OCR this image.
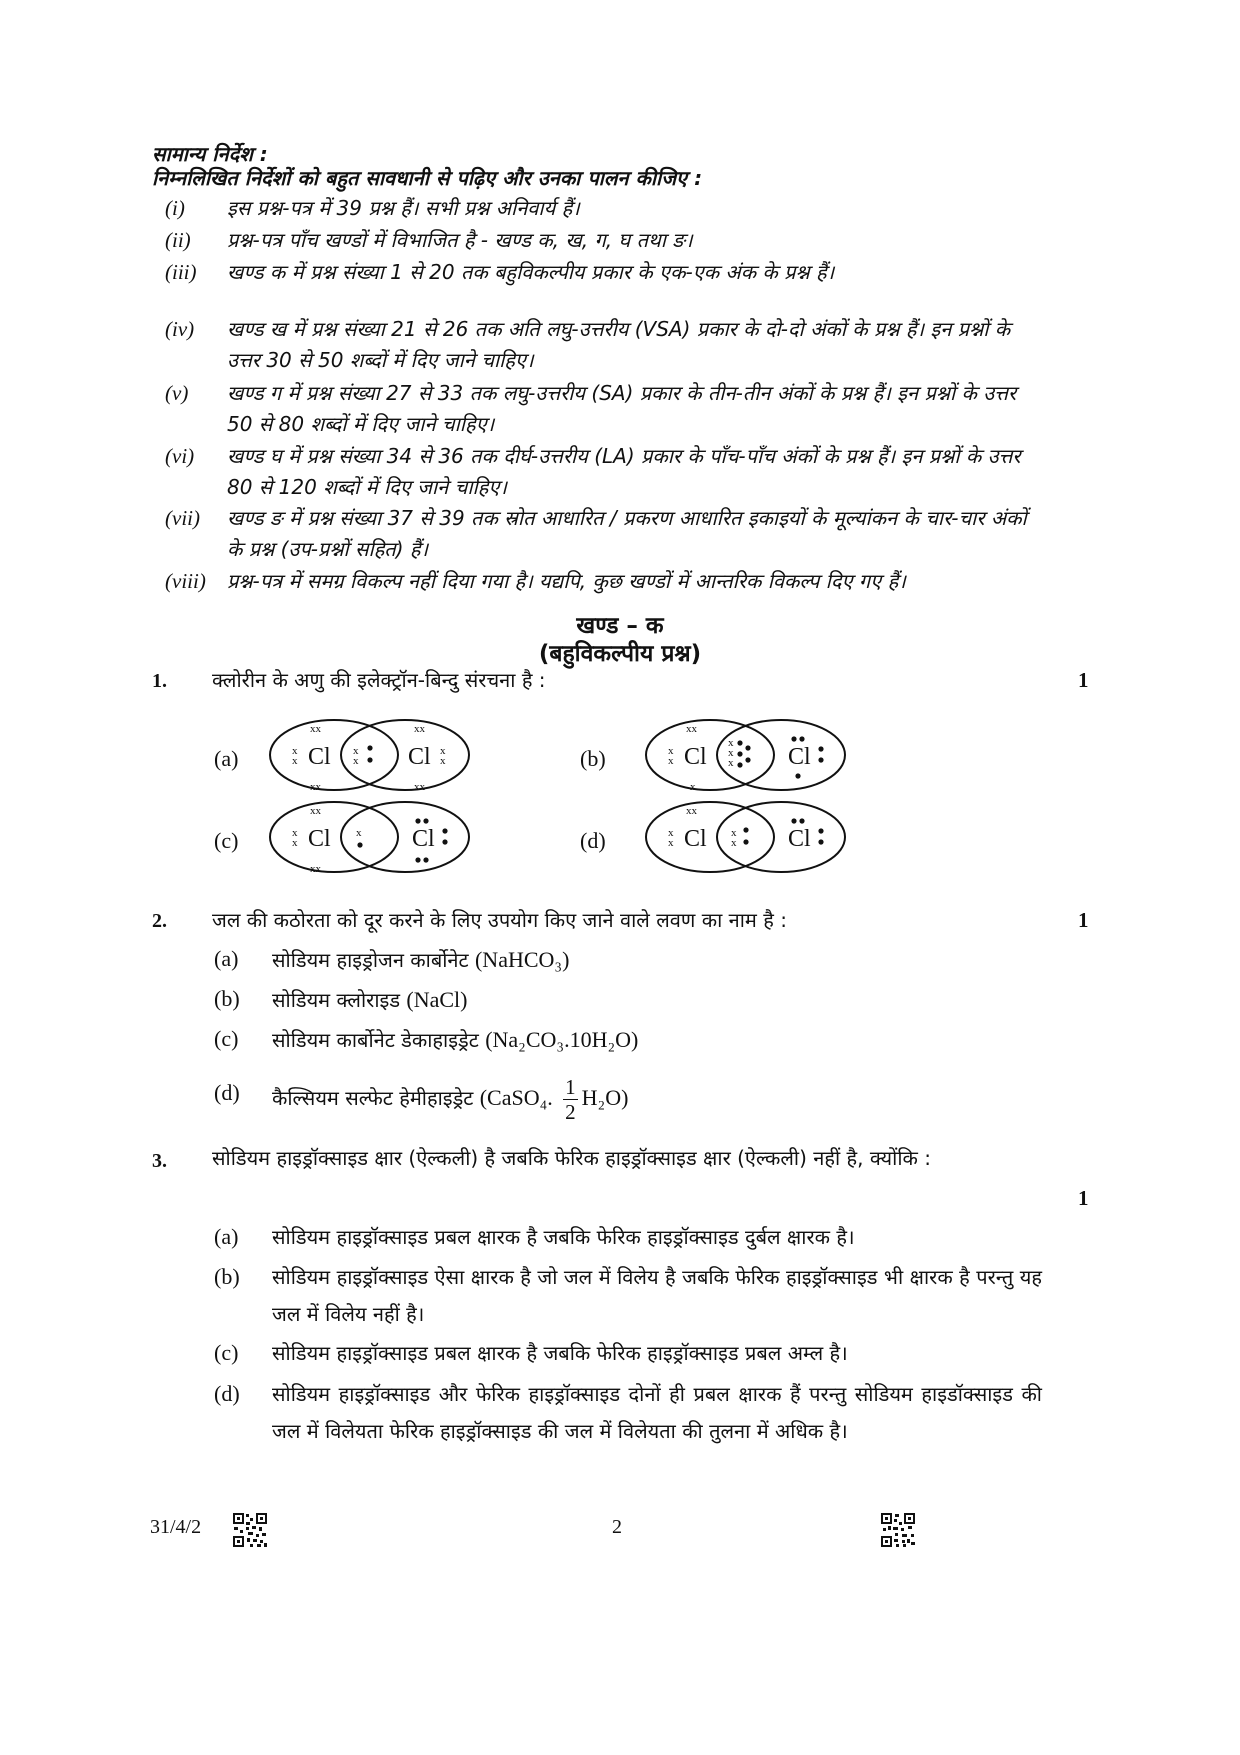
सामान्य निर्देश :
निम्नलिखित निर्देशों को बहुत सावधानी से पढ़िए और उनका पालन कीजिए :
(i)	इस प्रश्न-पत्र में 39 प्रश्न हैं। सभी प्रश्न अनिवार्य हैं।
(ii)	प्रश्न-पत्र पाँच खण्डों में विभाजित है - खण्ड क, ख, ग, घ तथा ङ।
(iii)	खण्ड क में प्रश्न संख्या 1 से 20 तक बहुविकल्पीय प्रकार के एक-एक अंक के प्रश्न हैं।
(iv)	खण्ड ख में प्रश्न संख्या 21 से 26 तक अति लघु-उत्तरीय (VSA) प्रकार के दो-दो अंकों के प्रश्न हैं। इन प्रश्नों के उत्तर 30 से 50 शब्दों में दिए जाने चाहिए।
(v)	खण्ड ग में प्रश्न संख्या 27 से 33 तक लघु-उत्तरीय (SA) प्रकार के तीन-तीन अंकों के प्रश्न हैं। इन प्रश्नों के उत्तर 50 से 80 शब्दों में दिए जाने चाहिए।
(vi)	खण्ड घ में प्रश्न संख्या 34 से 36 तक दीर्घ-उत्तरीय (LA) प्रकार के पाँच-पाँच अंकों के प्रश्न हैं। इन प्रश्नों के उत्तर 80 से 120 शब्दों में दिए जाने चाहिए।
(vii)	खण्ड ङ में प्रश्न संख्या 37 से 39 तक स्रोत आधारित / प्रकरण आधारित इकाइयों के मूल्यांकन के चार-चार अंकों के प्रश्न (उप-प्रश्नों सहित) हैं।
(viii)	प्रश्न-पत्र में समग्र विकल्प नहीं दिया गया है। यद्यपि, कुछ खण्डों में आन्तरिक विकल्प दिए गए हैं।
खण्ड – क
(बहुविकल्पीय प्रश्न)
1. क्लोरीन के अणु की इलेक्ट्रॉन-बिन्दु संरचना है :	1
(a)	(b)
(c)	(d)
Cl	Cl
xx
xx
x
x
x
x
xx
xx
x
x	Cl	Cl
xx
x
x
x
x
x
x
Cl	Cl
xx
xx
x
x
x	Cl	Cl
xx
x
x
x
x
2. जल की कठोरता को दूर करने के लिए उपयोग किए जाने वाले लवण का नाम है :	1
(a) सोडियम हाइड्रोजन कार्बोनेट (NaHCO₃)
(b) सोडियम क्लोराइड (NaCl)
(c) सोडियम कार्बोनेट डेकाहाइड्रेट (Na₂CO₃.10H₂O)
(d) कैल्सियम सल्फेट हेमीहाइड्रेट (CaSO₄. $\frac{1}{2} H_2O$)
3. सोडियम हाइड्रॉक्साइड क्षार (ऐल्कली) है जबकि फेरिक हाइड्रॉक्साइड क्षार (ऐल्कली) नहीं है, क्योंकि :
1
(a) सोडियम हाइड्रॉक्साइड प्रबल क्षारक है जबकि फेरिक हाइड्रॉक्साइड दुर्बल क्षारक है।
(b) सोडियम हाइड्रॉक्साइड ऐसा क्षारक है जो जल में विलेय है जबकि फेरिक हाइड्रॉक्साइड भी क्षारक है परन्तु यह जल में विलेय नहीं है।
(c) सोडियम हाइड्रॉक्साइड प्रबल क्षारक है जबकि फेरिक हाइड्रॉक्साइड प्रबल अम्ल है।
(d) सोडियम हाइड्रॉक्साइड और फेरिक हाइड्रॉक्साइड दोनों ही प्रबल क्षारक हैं परन्तु सोडियम हाइडॉक्साइड की जल में विलेयता फेरिक हाइड्रॉक्साइड की जल में विलेयता की तुलना में अधिक है।
31/4/2	2
